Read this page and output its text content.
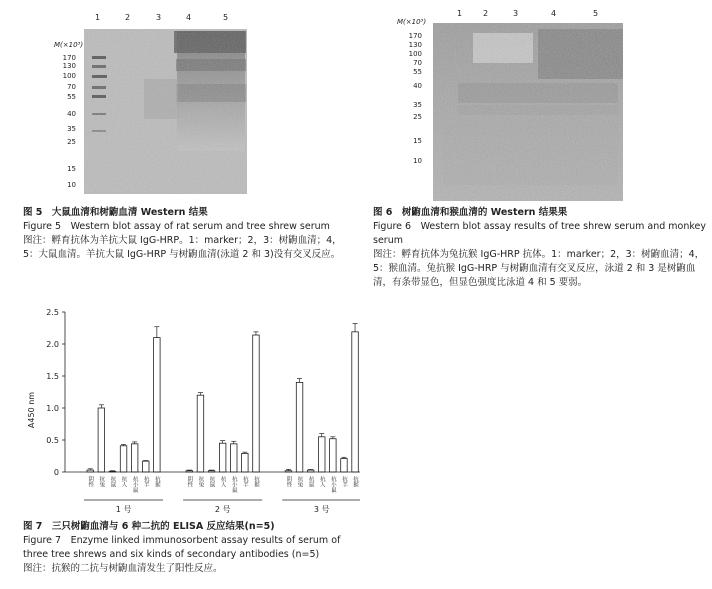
1	2	3	4	5
M(×10³)
170
130
100
70
55
40
35
25
15
10
图 5　大鼠血清和树鼩血清 Western 结果
Figure 5　Western blot assay of rat serum and tree shrew serum
图注：孵育抗体为羊抗大鼠 IgG-HRP。1：marker；2，3：树鼩血清；4，5：大鼠血清。羊抗大鼠 IgG-HRP 与树鼩血清(泳道 2 和 3)没有交叉反应。
1	2	3	4	5
M(×10³)
170
130
100
70
55
40
35
25
15
10
图 6　树鼩血清和猴血清的 Western 结果果
Figure 6　Western blot assay results of tree shrew serum and monkey serum
图注：孵育抗体为兔抗猴 IgG-HRP 抗体。1：marker；2，3：树鼩血清；4，5：猴血清。兔抗猴 IgG-HRP 与树鼩血清有交叉反应，泳道 2 和 3 是树鼩血清，有条带显色，但显色强度比泳道 4 和 5 要弱。
0
0.5
1.0
1.5
2.0
2.5
A450 nm
阴性 抗兔 抗鼠 抗人 抗小鼠 抗羊 抗猴	阴性 抗兔 抗鼠 抗人 抗小鼠 抗羊 抗猴	阴性 抗兔 抗鼠 抗人 抗小鼠 抗羊 抗猴
1 号	2 号	3 号
图 7　三只树鼩血清与 6 种二抗的 ELISA 反应结果(n=5)
Figure 7　Enzyme linked immunosorbent assay results of serum of three tree shrews and six kinds of secondary antibodies (n=5)
图注：抗猴的二抗与树鼩血清发生了阳性反应。
